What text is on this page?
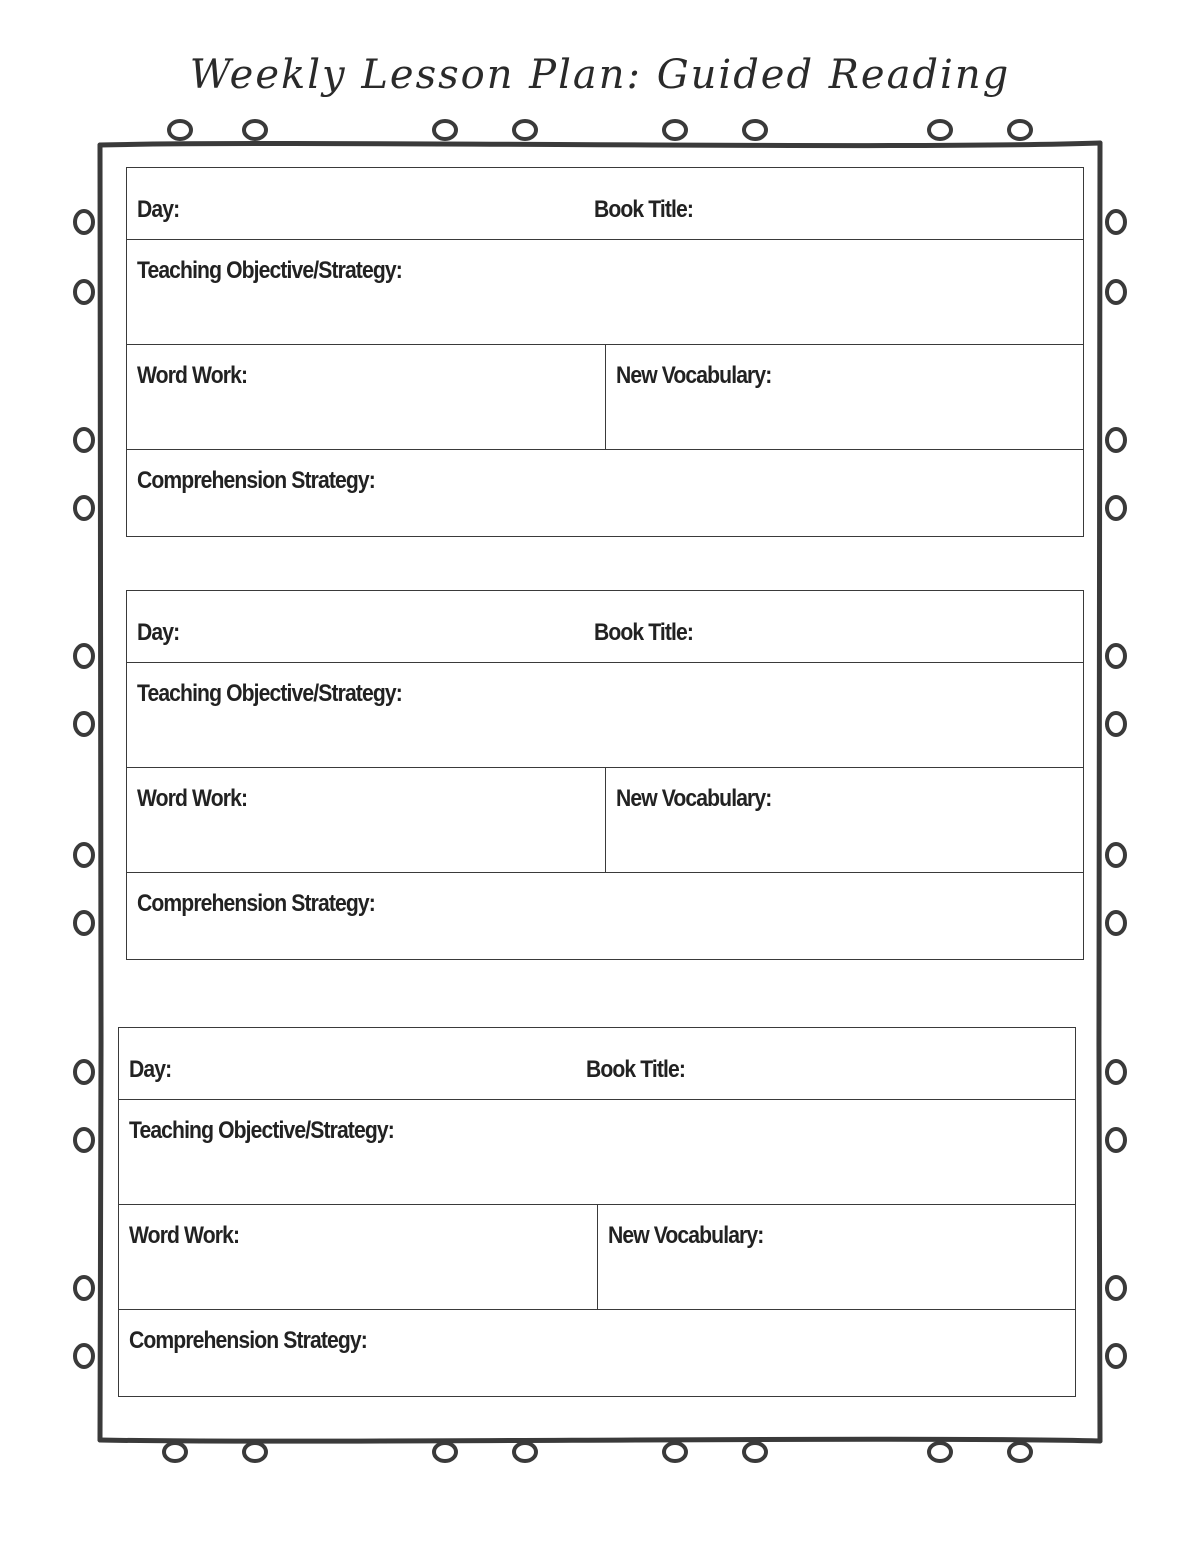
Weekly Lesson Plan: Guided Reading
Day:	Book Title:
Teaching Objective/Strategy:
Word Work:	New Vocabulary:
Comprehension Strategy:
Day:	Book Title:
Teaching Objective/Strategy:
Word Work:	New Vocabulary:
Comprehension Strategy:
Day:	Book Title:
Teaching Objective/Strategy:
Word Work:	New Vocabulary:
Comprehension Strategy:
